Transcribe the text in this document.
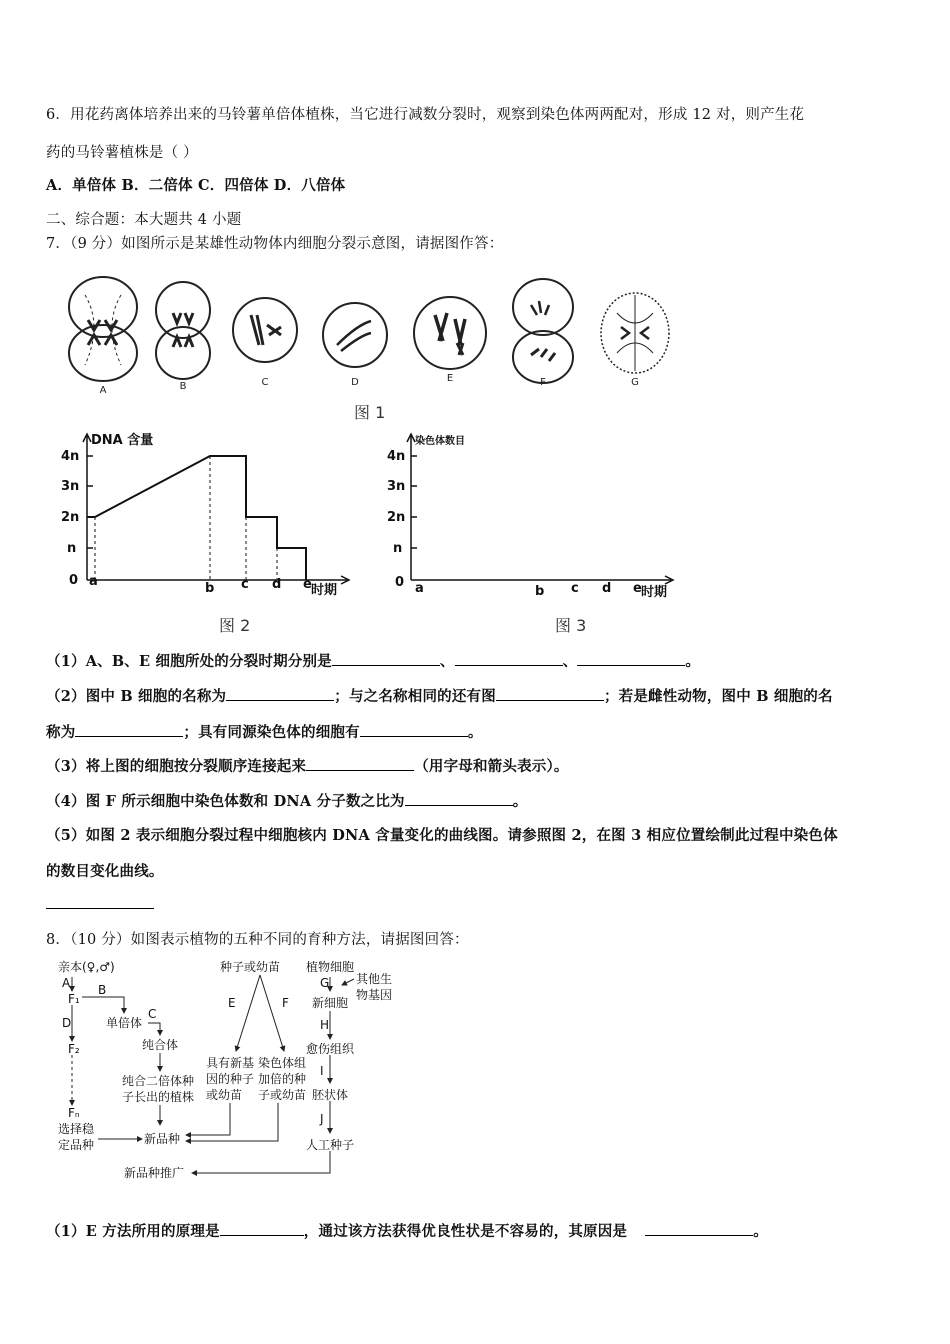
6．用花药离体培养出来的马铃薯单倍体植株，当它进行减数分裂时，观察到染色体两两配对，形成 12 对，则产生花
药的马铃薯植株是（ ）
A．单倍体 B．二倍体 C．四倍体 D．八倍体
二、综合题：本大题共 4 小题
7．（9 分）如图所示是某雄性动物体内细胞分裂示意图，请据图作答：
A	B	C	D	E	F	G
图 1
DNA 含量
4n
3n
2n
n
0 a	b c d e 时期
图 2
染色体数目
4n
3n
2n
n
0 a	b c d e 时期
图 3
（1）A、B、E 细胞所处的分裂时期分别是	、	、	。
（2）图中 B 细胞的名称为	；与之名称相同的还有图	；若是雌性动物，图中 B 细胞的名
称为	；具有同源染色体的细胞有	。
（3）将上图的细胞按分裂顺序连接起来	（用字母和箭头表示）。
（4）图 F 所示细胞中染色体数和 DNA 分子数之比为	。
（5）如图 2 表示细胞分裂过程中细胞核内 DNA 含量变化的曲线图。请参照图 2，在图 3 相应位置绘制此过程中染色体
的数目变化曲线。
8．（10 分）如图表示植物的五种不同的育种方法，请据图回答：
亲本(♀,♂)
A
F₁
B
单倍体
C
D
F₂	纯合体
纯合二倍体种
子长出的植株
Fₙ
选择稳
定品种	新品种
新品种推广
种子或幼苗
E	F
具有新基
因的种子
或幼苗
染色体组
加倍的种
子或幼苗
植物细胞
G 其他生
物基因
新细胞
H
愈伤组织
I
胚状体
J
人工种子
（1）E 方法所用的原理是	，通过该方法获得优良性状是不容易的，其原因是	。
